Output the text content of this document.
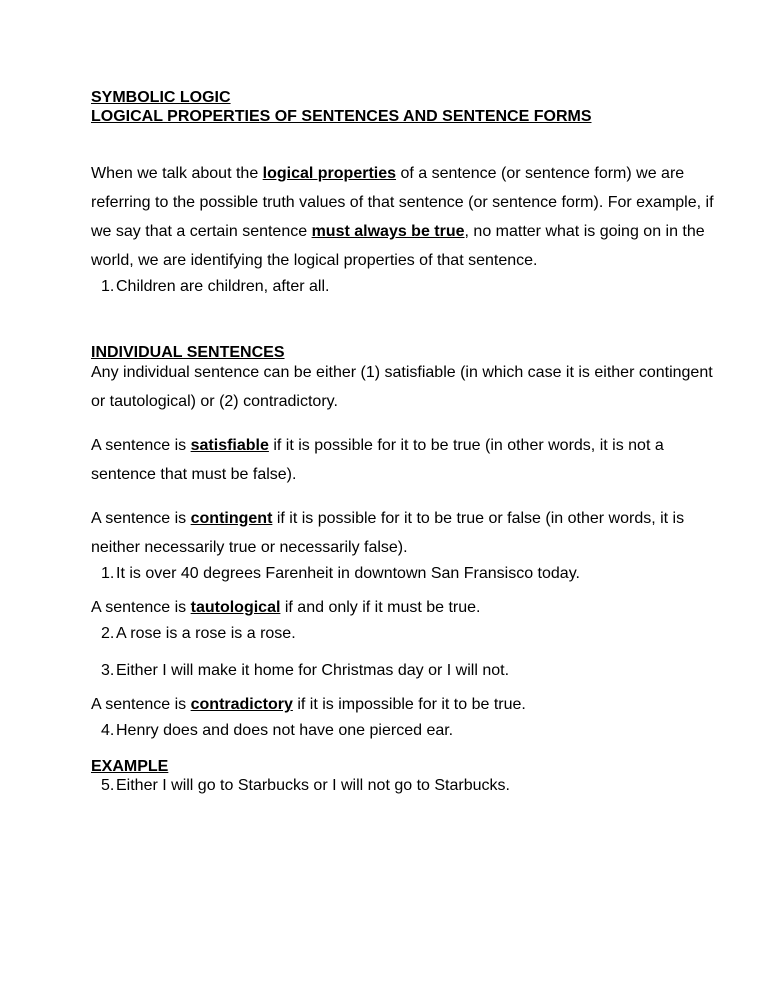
SYMBOLIC LOGIC
LOGICAL PROPERTIES OF SENTENCES AND SENTENCE FORMS

When we talk about the logical properties of a sentence (or sentence form) we are referring to the possible truth values of that sentence (or sentence form). For example, if we say that a certain sentence must always be true, no matter what is going on in the world, we are identifying the logical properties of that sentence.

1. Children are children, after all.

INDIVIDUAL SENTENCES

Any individual sentence can be either (1) satisfiable (in which case it is either contingent or tautological) or (2) contradictory.

A sentence is satisfiable if it is possible for it to be true (in other words, it is not a sentence that must be false).

A sentence is contingent if it is possible for it to be true or false (in other words, it is neither necessarily true or necessarily false).

1. It is over 40 degrees Farenheit in downtown San Fransisco today.

A sentence is tautological if and only if it must be true.

2. A rose is a rose is a rose.
3. Either I will make it home for Christmas day or I will not.

A sentence is contradictory if it is impossible for it to be true.

4. Henry does and does not have one pierced ear.

EXAMPLE

5. Either I will go to Starbucks or I will not go to Starbucks.
